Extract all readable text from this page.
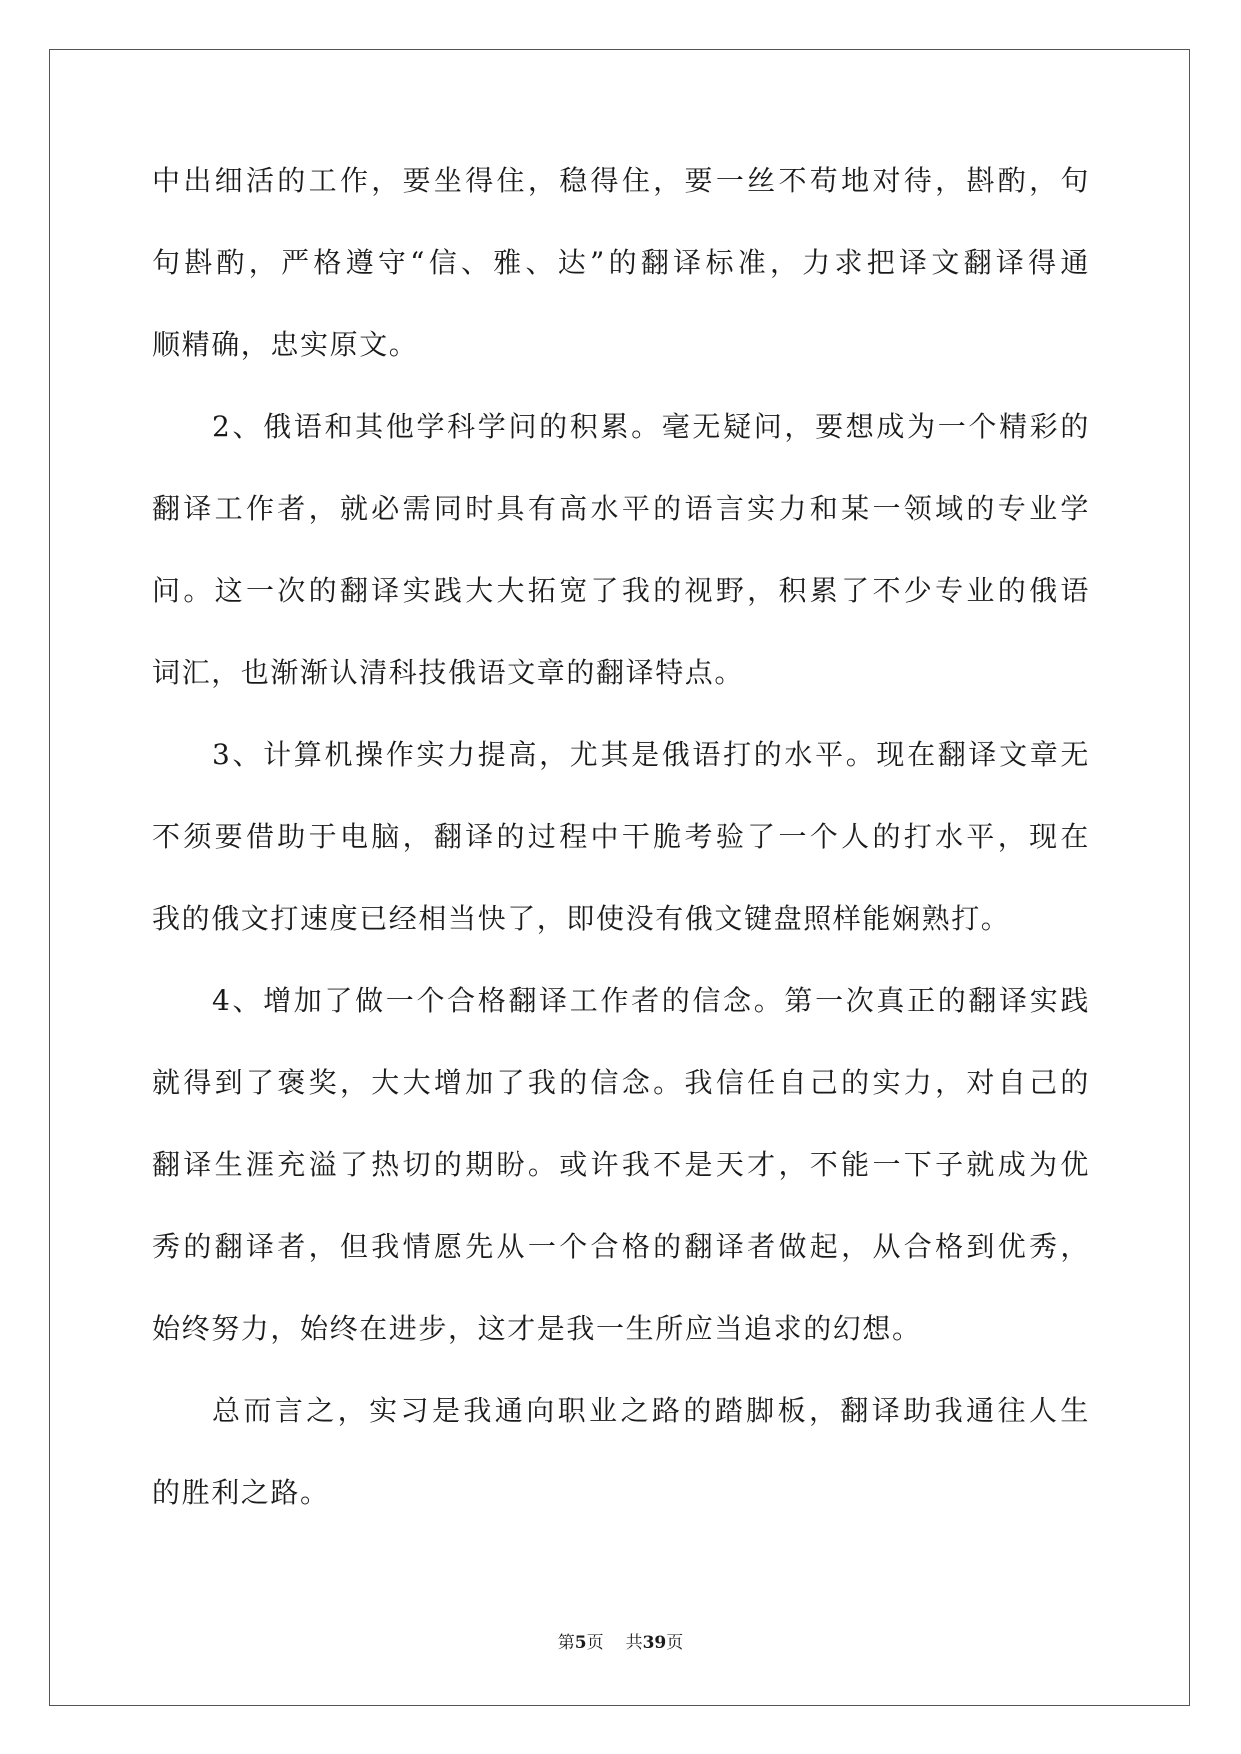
中出细活的工作，要坐得住，稳得住，要一丝不苟地对待，斟酌，句
句斟酌，严格遵守“信、雅、达”的翻译标准，力求把译文翻译得通
顺精确，忠实原文。
2、俄语和其他学科学问的积累。毫无疑问，要想成为一个精彩的
翻译工作者，就必需同时具有高水平的语言实力和某一领域的专业学
问。这一次的翻译实践大大拓宽了我的视野，积累了不少专业的俄语
词汇，也渐渐认清科技俄语文章的翻译特点。
3、计算机操作实力提高，尤其是俄语打的水平。现在翻译文章无
不须要借助于电脑，翻译的过程中干脆考验了一个人的打水平，现在
我的俄文打速度已经相当快了，即使没有俄文键盘照样能娴熟打。
4、增加了做一个合格翻译工作者的信念。第一次真正的翻译实践
就得到了褒奖，大大增加了我的信念。我信任自己的实力，对自己的
翻译生涯充溢了热切的期盼。或许我不是天才，不能一下子就成为优
秀的翻译者，但我情愿先从一个合格的翻译者做起，从合格到优秀，
始终努力，始终在进步，这才是我一生所应当追求的幻想。
总而言之，实习是我通向职业之路的踏脚板，翻译助我通往人生
的胜利之路。
第5页 共39页
